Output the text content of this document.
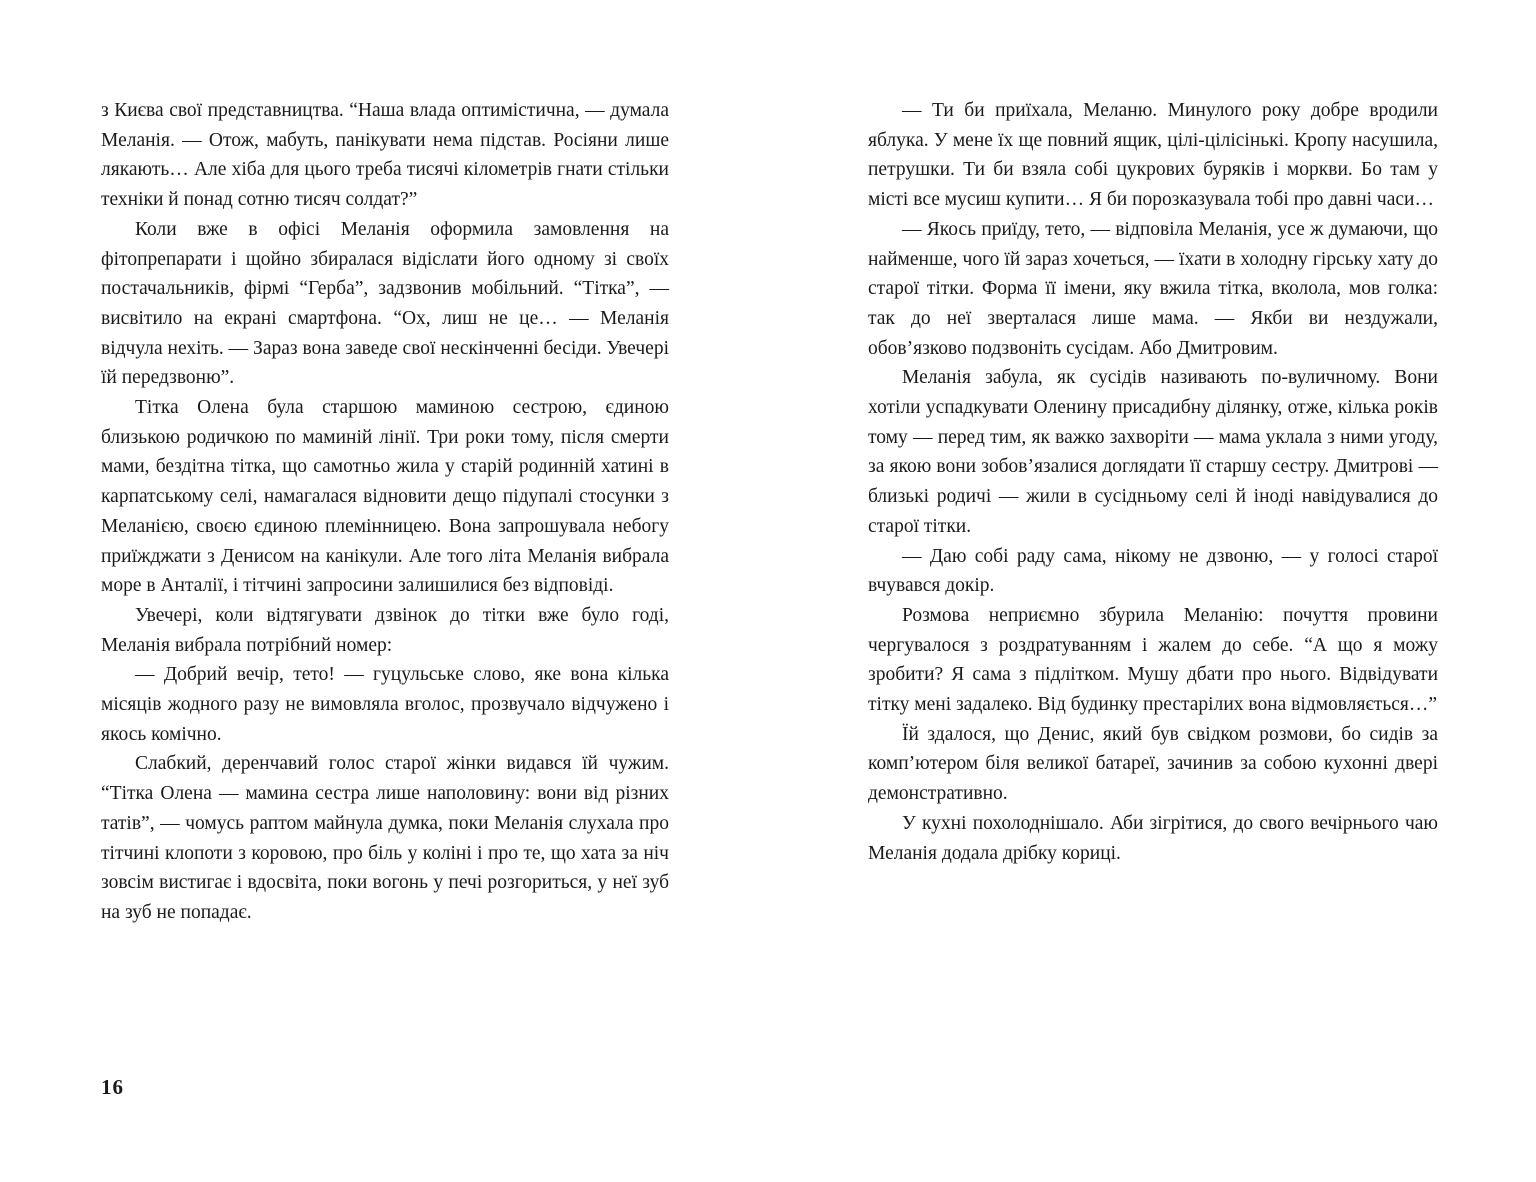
з Києва свої представництва. “Наша влада оптимістична, — думала Меланія. — Отож, мабуть, панікувати нема підстав. Росіяни лише лякають… Але хіба для цього треба тисячі кілометрів гнати стільки техніки й понад сотню тисяч солдат?”

Коли вже в офісі Меланія оформила замовлення на фітопрепарати і щойно збиралася відіслати його одному зі своїх постачальників, фірмі “Герба”, задзвонив мобільний. “Тітка”, — висвітило на екрані смартфона. “Ох, лиш не це… — Меланія відчула нехіть. — Зараз вона заведе свої нескінченні бесіди. Увечері їй передзвоню”.

Тітка Олена була старшою маминою сестрою, єдиною близькою родичкою по маминій лінії. Три роки тому, після смерти мами, бездітна тітка, що самотньо жила у старій родинній хатині в карпатському селі, намагалася відновити дещо підупалі стосунки з Меланією, своєю єдиною племінницею. Вона запрошувала небогу приїжджати з Денисом на канікули. Але того літа Меланія вибрала море в Анталії, і тітчині запросини залишилися без відповіді.

Увечері, коли відтягувати дзвінок до тітки вже було годі, Меланія вибрала потрібний номер:

— Добрий вечір, тето! — гуцульське слово, яке вона кілька місяців жодного разу не вимовляла вголос, прозвучало відчужено і якось комічно.

Слабкий, деренчавий голос старої жінки видався їй чужим. “Тітка Олена — мамина сестра лише наполовину: вони від різних татів”, — чомусь раптом майнула думка, поки Меланія слухала про тітчині клопоти з коровою, про біль у коліні і про те, що хата за ніч зовсім вистигає і вдосвіта, поки вогонь у печі розгориться, у неї зуб на зуб не попадає.

16

— Ти би приїхала, Меланю. Минулого року добре вродили яблука. У мене їх ще повний ящик, цілі-цілісінькі. Кропу насушила, петрушки. Ти би взяла собі цукрових буряків і моркви. Бо там у місті все мусиш купити… Я би порозказувала тобі про давні часи…

— Якось приїду, тето, — відповіла Меланія, усе ж думаючи, що найменше, чого їй зараз хочеться, — їхати в холодну гірську хату до старої тітки. Форма її імени, яку вжила тітка, вколола, мов голка: так до неї зверталася лише мама. — Якби ви нездужали, обов’язково подзвоніть сусідам. Або Дмитровим.

Меланія забула, як сусідів називають по-вуличному. Вони хотіли успадкувати Оленину присадибну ділянку, отже, кілька років тому — перед тим, як важко захворіти — мама уклала з ними угоду, за якою вони зобов’язалися доглядати її старшу сестру. Дмитрові — близькі родичі — жили в сусідньому селі й іноді навідувалися до старої тітки.

— Даю собі раду сама, нікому не дзвоню, — у голосі старої вчувався докір.

Розмова неприємно збурила Меланію: почуття провини чергувалося з роздратуванням і жалем до себе. “А що я можу зробити? Я сама з підлітком. Мушу дбати про нього. Відвідувати тітку мені задалеко. Від будинку престарілих вона відмовляється…”

Їй здалося, що Денис, який був свідком розмови, бо сидів за комп’ютером біля великої батареї, зачинив за собою кухонні двері демонстративно.

У кухні похолоднішало. Аби зігрітися, до свого вечірнього чаю Меланія додала дрібку кориці.
